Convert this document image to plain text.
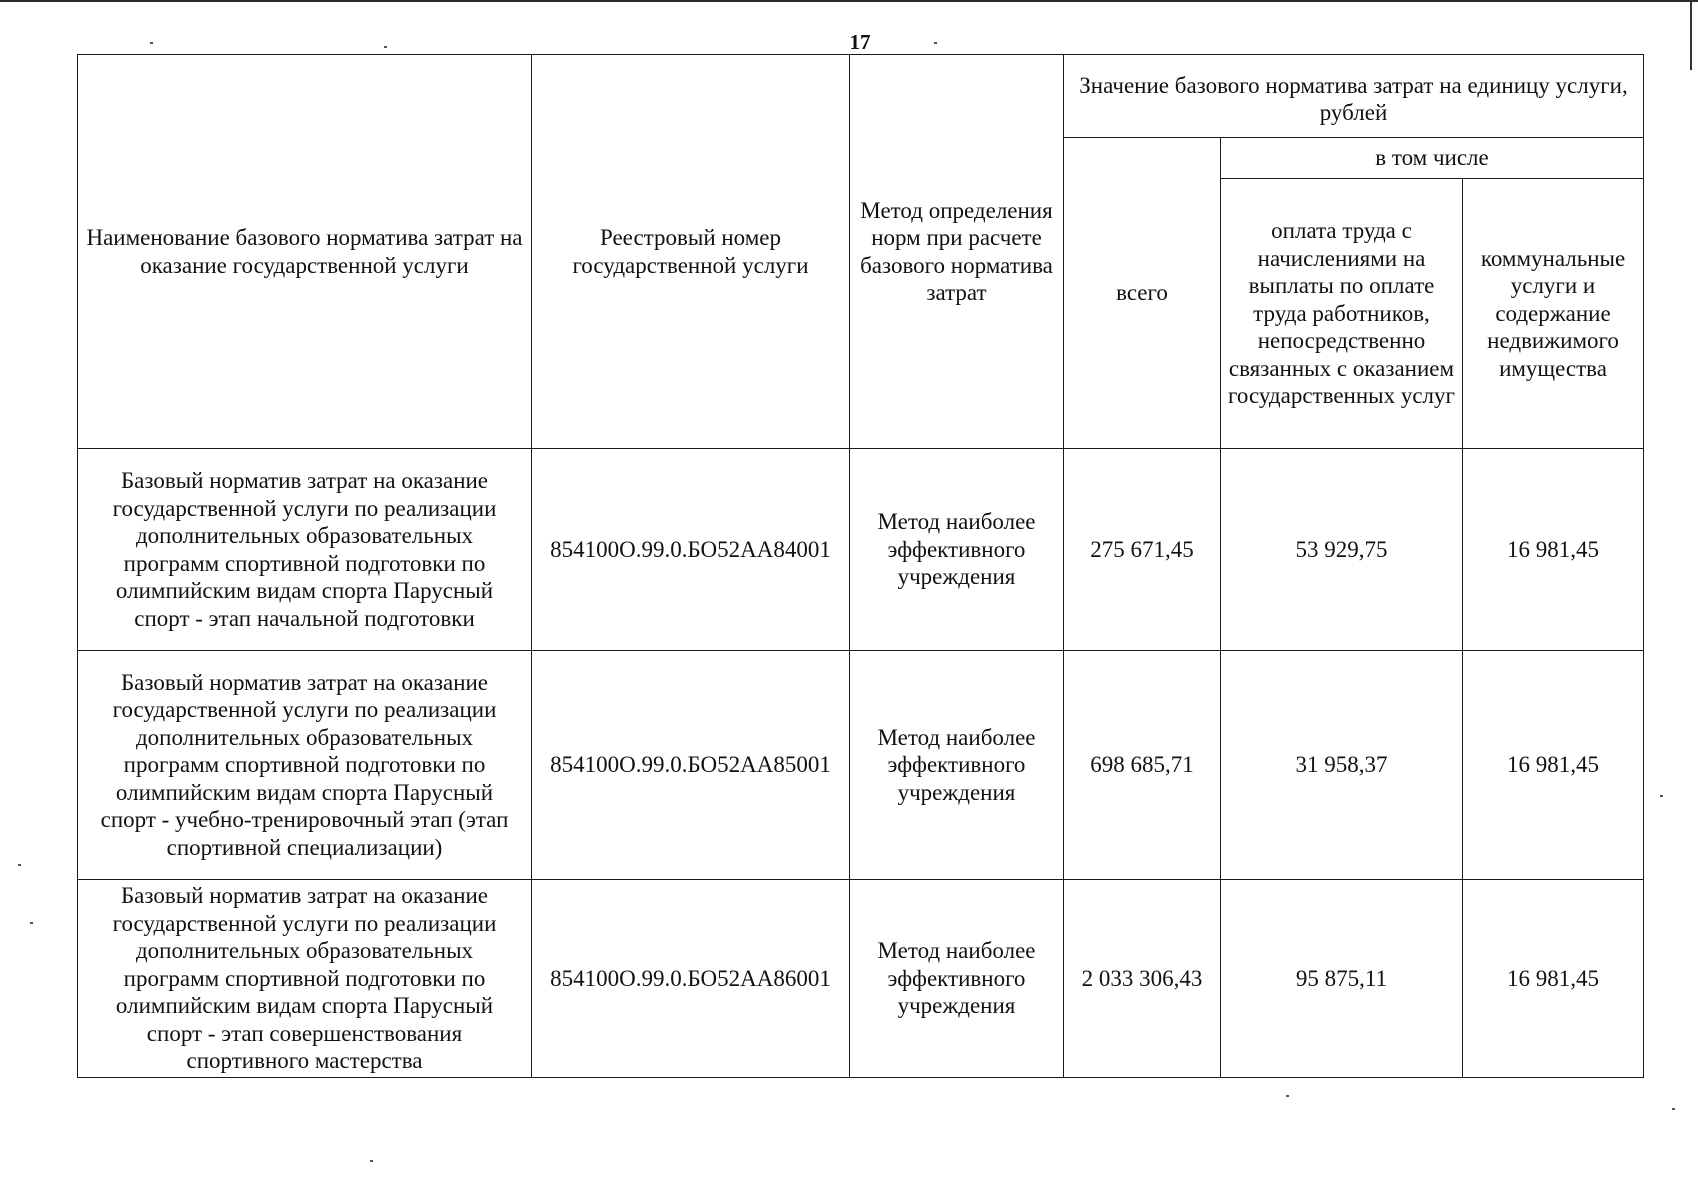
17
Наименование базового норматива затрат на оказание государственной услуги	Реестровый номер государственной услуги	Метод определения норм при расчете базового норматива затрат	Значение базового норматива затрат на единицу услуги, рублей		
			всего	в том числе	
				оплата труда с начислениями на выплаты по оплате труда работников, непосредственно связанных с оказанием государственных услуг	коммунальные услуги и содержание недвижимого имущества
Базовый норматив затрат на оказание государственной услуги по реализации дополнительных образовательных программ спортивной подготовки по олимпийским видам спорта Парусный спорт - этап начальной подготовки	854100О.99.0.БО52АА84001	Метод наиболее эффективного учреждения	275 671,45	53 929,75	16 981,45
Базовый норматив затрат на оказание государственной услуги по реализации дополнительных образовательных программ спортивной подготовки по олимпийским видам спорта Парусный спорт - учебно-тренировочный этап (этап спортивной специализации)	854100О.99.0.БО52АА85001	Метод наиболее эффективного учреждения	698 685,71	31 958,37	16 981,45
Базовый норматив затрат на оказание государственной услуги по реализации дополнительных образовательных программ спортивной подготовки по олимпийским видам спорта Парусный спорт - этап совершенствования спортивного мастерства	854100О.99.0.БО52АА86001	Метод наиболее эффективного учреждения	2 033 306,43	95 875,11	16 981,45
